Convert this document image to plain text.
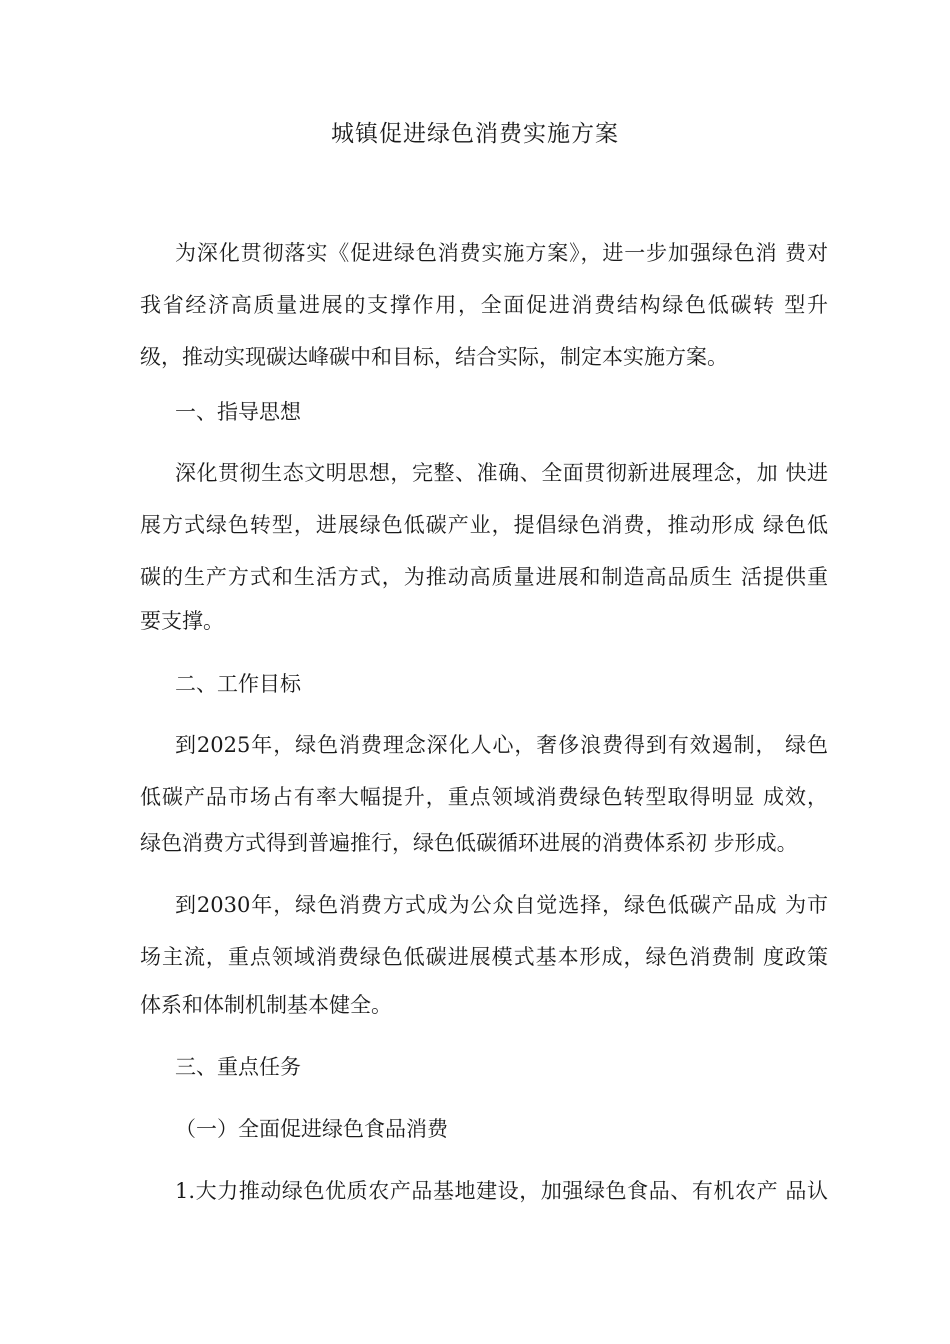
城镇促进绿色消费实施方案
为深化贯彻落实《促进绿色消费实施方案》，进一步加强绿色消 费对
我省经济高质量进展的支撑作用，全面促进消费结构绿色低碳转 型升
级，推动实现碳达峰碳中和目标，结合实际，制定本实施方案。
一、指导思想
深化贯彻生态文明思想，完整、准确、全面贯彻新进展理念，加 快进
展方式绿色转型，进展绿色低碳产业，提倡绿色消费，推动形成 绿色低
碳的生产方式和生活方式，为推动高质量进展和制造高品质生 活提供重
要支撑。
二、工作目标
到2025年，绿色消费理念深化人心，奢侈浪费得到有效遏制， 绿色
低碳产品市场占有率大幅提升，重点领域消费绿色转型取得明显 成效，
绿色消费方式得到普遍推行，绿色低碳循环进展的消费体系初 步形成。
到2030年，绿色消费方式成为公众自觉选择，绿色低碳产品成 为市
场主流，重点领域消费绿色低碳进展模式基本形成，绿色消费制 度政策
体系和体制机制基本健全。
三、重点任务
（一）全面促进绿色食品消费
1.大力推动绿色优质农产品基地建设，加强绿色食品、有机农产 品认
